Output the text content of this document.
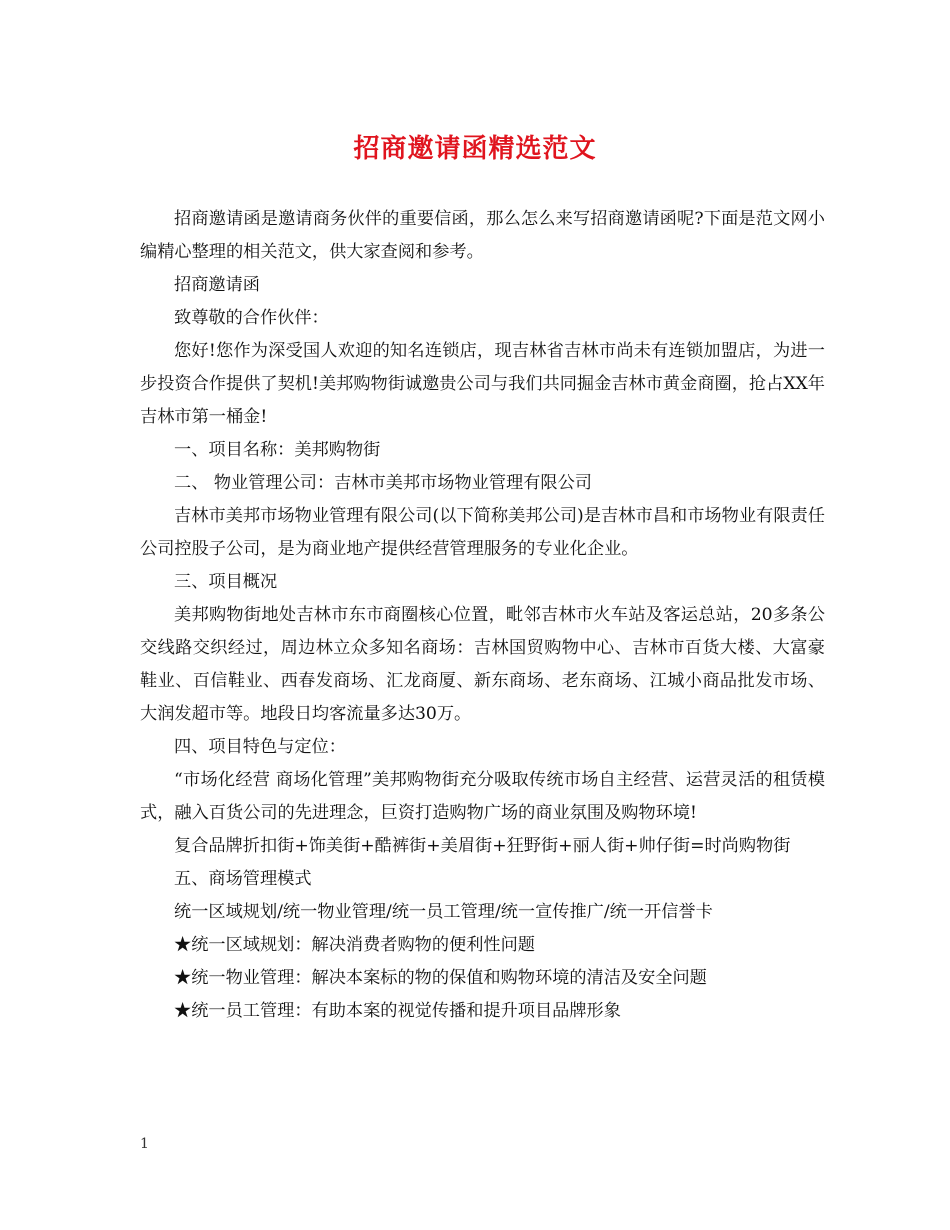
招商邀请函精选范文

招商邀请函是邀请商务伙伴的重要信函，那么怎么来写招商邀请函呢?下面是范文网小编精心整理的相关范文，供大家查阅和参考。

招商邀请函

致尊敬的合作伙伴：

您好!您作为深受国人欢迎的知名连锁店，现吉林省吉林市尚未有连锁加盟店，为进一步投资合作提供了契机!美邦购物街诚邀贵公司与我们共同掘金吉林市黄金商圈，抢占XX年吉林市第一桶金!

一、项目名称：美邦购物街

二、 物业管理公司：吉林市美邦市场物业管理有限公司

吉林市美邦市场物业管理有限公司(以下简称美邦公司)是吉林市昌和市场物业有限责任公司控股子公司，是为商业地产提供经营管理服务的专业化企业。

三、项目概况

美邦购物街地处吉林市东市商圈核心位置，毗邻吉林市火车站及客运总站，20多条公交线路交织经过，周边林立众多知名商场：吉林国贸购物中心、吉林市百货大楼、大富豪鞋业、百信鞋业、西春发商场、汇龙商厦、新东商场、老东商场、江城小商品批发市场、大润发超市等。地段日均客流量多达30万。

四、项目特色与定位：

“市场化经营 商场化管理”美邦购物街充分吸取传统市场自主经营、运营灵活的租赁模式，融入百货公司的先进理念，巨资打造购物广场的商业氛围及购物环境!

复合品牌折扣街+饰美街+酷裤街+美眉街+狂野街+丽人街+帅仔街=时尚购物街

五、商场管理模式

统一区域规划/统一物业管理/统一员工管理/统一宣传推广/统一开信誉卡

★统一区域规划：解决消费者购物的便利性问题

★统一物业管理：解决本案标的物的保值和购物环境的清洁及安全问题

★统一员工管理：有助本案的视觉传播和提升项目品牌形象

1
